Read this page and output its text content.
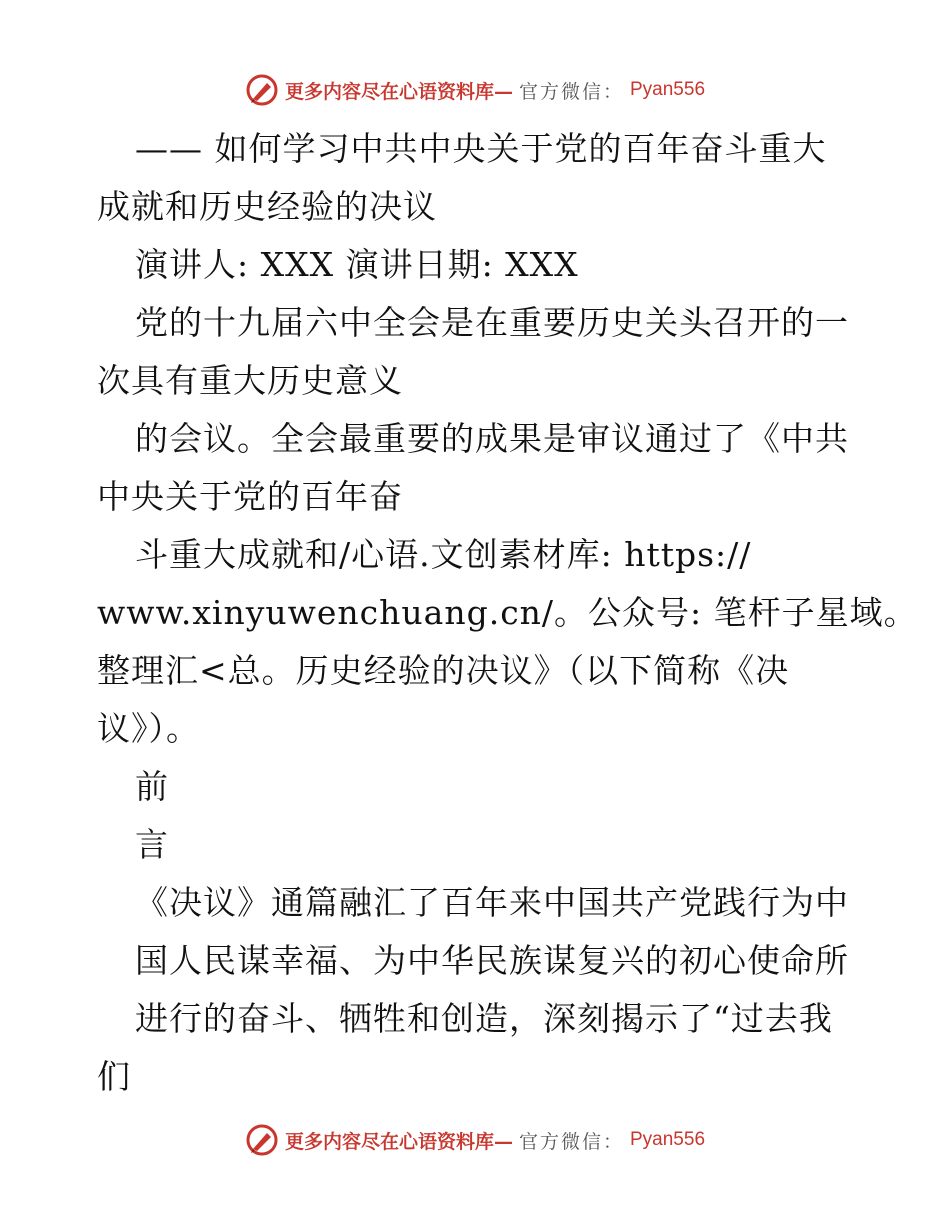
更多内容尽在心语资料库— 官方微信： Pyan556
—— 如何学习中共中央关于党的百年奋斗重大
成就和历史经验的决议
演讲人: XXX 演讲日期: XXX
党的十九届六中全会是在重要历史关头召开的一
次具有重大历史意义
的会议。全会最重要的成果是审议通过了《中共
中央关于党的百年奋
斗重大成就和/心语.文创素材库: https://
www.xinyuwenchuang.cn/。公众号: 笔杆子星域。
整理汇<总。历史经验的决议》（以下简称《决
议》）。
前
言
《决议》通篇融汇了百年来中国共产党践行为中
国人民谋幸福、为中华民族谋复兴的初心使命所
进行的奋斗、牺牲和创造，深刻揭示了“过去我
们
更多内容尽在心语资料库— 官方微信： Pyan556
